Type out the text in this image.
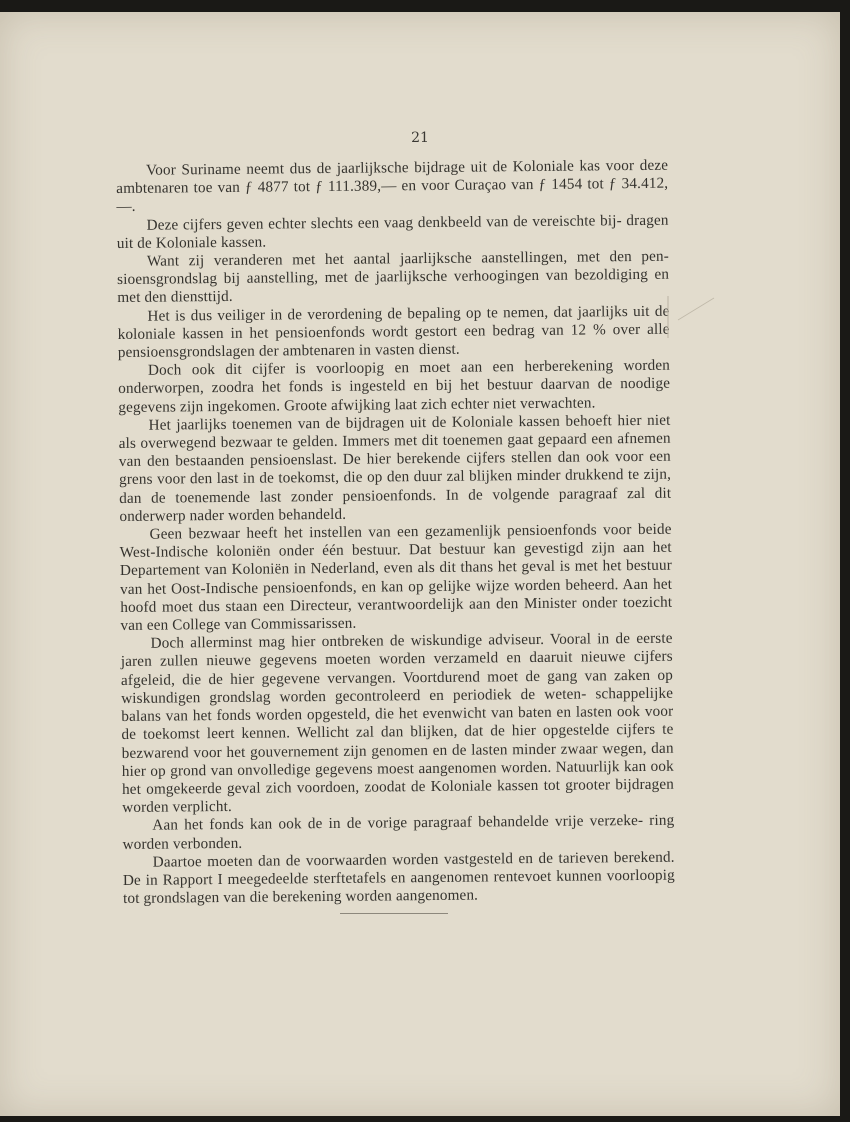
21

Voor Suriname neemt dus de jaarlijksche bijdrage uit de Koloniale kas voor deze ambtenaren toe van ƒ 4877 tot ƒ 111.389,— en voor Curaçao van ƒ 1454 tot ƒ 34.412,—.

Deze cijfers geven echter slechts een vaag denkbeeld van de vereischte bij- dragen uit de Koloniale kassen.

Want zij veranderen met het aantal jaarlijksche aanstellingen, met den pen- sioensgrondslag bij aanstelling, met de jaarlijksche verhoogingen van bezoldiging en met den diensttijd.

Het is dus veiliger in de verordening de bepaling op te nemen, dat jaarlijks uit de koloniale kassen in het pensioenfonds wordt gestort een bedrag van 12 % over alle pensioensgrondslagen der ambtenaren in vasten dienst.

Doch ook dit cijfer is voorloopig en moet aan een herberekening worden onderworpen, zoodra het fonds is ingesteld en bij het bestuur daarvan de noodige gegevens zijn ingekomen. Groote afwijking laat zich echter niet verwachten.

Het jaarlijks toenemen van de bijdragen uit de Koloniale kassen behoeft hier niet als overwegend bezwaar te gelden. Immers met dit toenemen gaat gepaard een afnemen van den bestaanden pensioenslast. De hier berekende cijfers stellen dan ook voor een grens voor den last in de toekomst, die op den duur zal blijken minder drukkend te zijn, dan de toenemende last zonder pensioenfonds. In de volgende paragraaf zal dit onderwerp nader worden behandeld.

Geen bezwaar heeft het instellen van een gezamenlijk pensioenfonds voor beide West-Indische koloniën onder één bestuur. Dat bestuur kan gevestigd zijn aan het Departement van Koloniën in Nederland, even als dit thans het geval is met het bestuur van het Oost-Indische pensioenfonds, en kan op gelijke wijze worden beheerd. Aan het hoofd moet dus staan een Directeur, verantwoordelijk aan den Minister onder toezicht van een College van Commissarissen.

Doch allerminst mag hier ontbreken de wiskundige adviseur. Vooral in de eerste jaren zullen nieuwe gegevens moeten worden verzameld en daaruit nieuwe cijfers afgeleid, die de hier gegevene vervangen. Voortdurend moet de gang van zaken op wiskundigen grondslag worden gecontroleerd en periodiek de weten- schappelijke balans van het fonds worden opgesteld, die het evenwicht van baten en lasten ook voor de toekomst leert kennen. Wellicht zal dan blijken, dat de hier opgestelde cijfers te bezwarend voor het gouvernement zijn genomen en de lasten minder zwaar wegen, dan hier op grond van onvolledige gegevens moest aangenomen worden. Natuurlijk kan ook het omgekeerde geval zich voordoen, zoodat de Koloniale kassen tot grooter bijdragen worden verplicht.

Aan het fonds kan ook de in de vorige paragraaf behandelde vrije verzeke- ring worden verbonden.

Daartoe moeten dan de voorwaarden worden vastgesteld en de tarieven berekend. De in Rapport I meegedeelde sterftetafels en aangenomen rentevoet kunnen voorloopig tot grondslagen van die berekening worden aangenomen.
